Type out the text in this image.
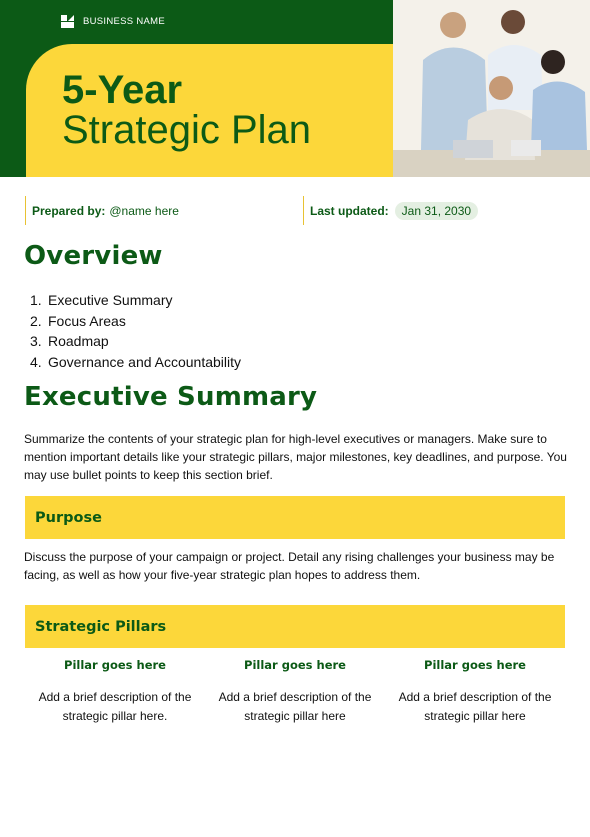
BUSINESS NAME
5-Year
Strategic Plan
Prepared by: @name here	Last updated:	Jan 31, 2030
Overview
1. Executive Summary
2. Focus Areas
3. Roadmap
4. Governance and Accountability
Executive Summary

Summarize the contents of your strategic plan for high-level executives or managers. Make sure to mention important details like your strategic pillars, major milestones, key deadlines, and purpose. You may use bullet points to keep this section brief.

Purpose

Discuss the purpose of your campaign or project. Detail any rising challenges your business may be facing, as well as how your five-year strategic plan hopes to address them.

Strategic Pillars
Pillar goes here
Add a brief description of the strategic pillar here.
Pillar goes here
Add a brief description of the strategic pillar here
Pillar goes here
Add a brief description of the strategic pillar here
